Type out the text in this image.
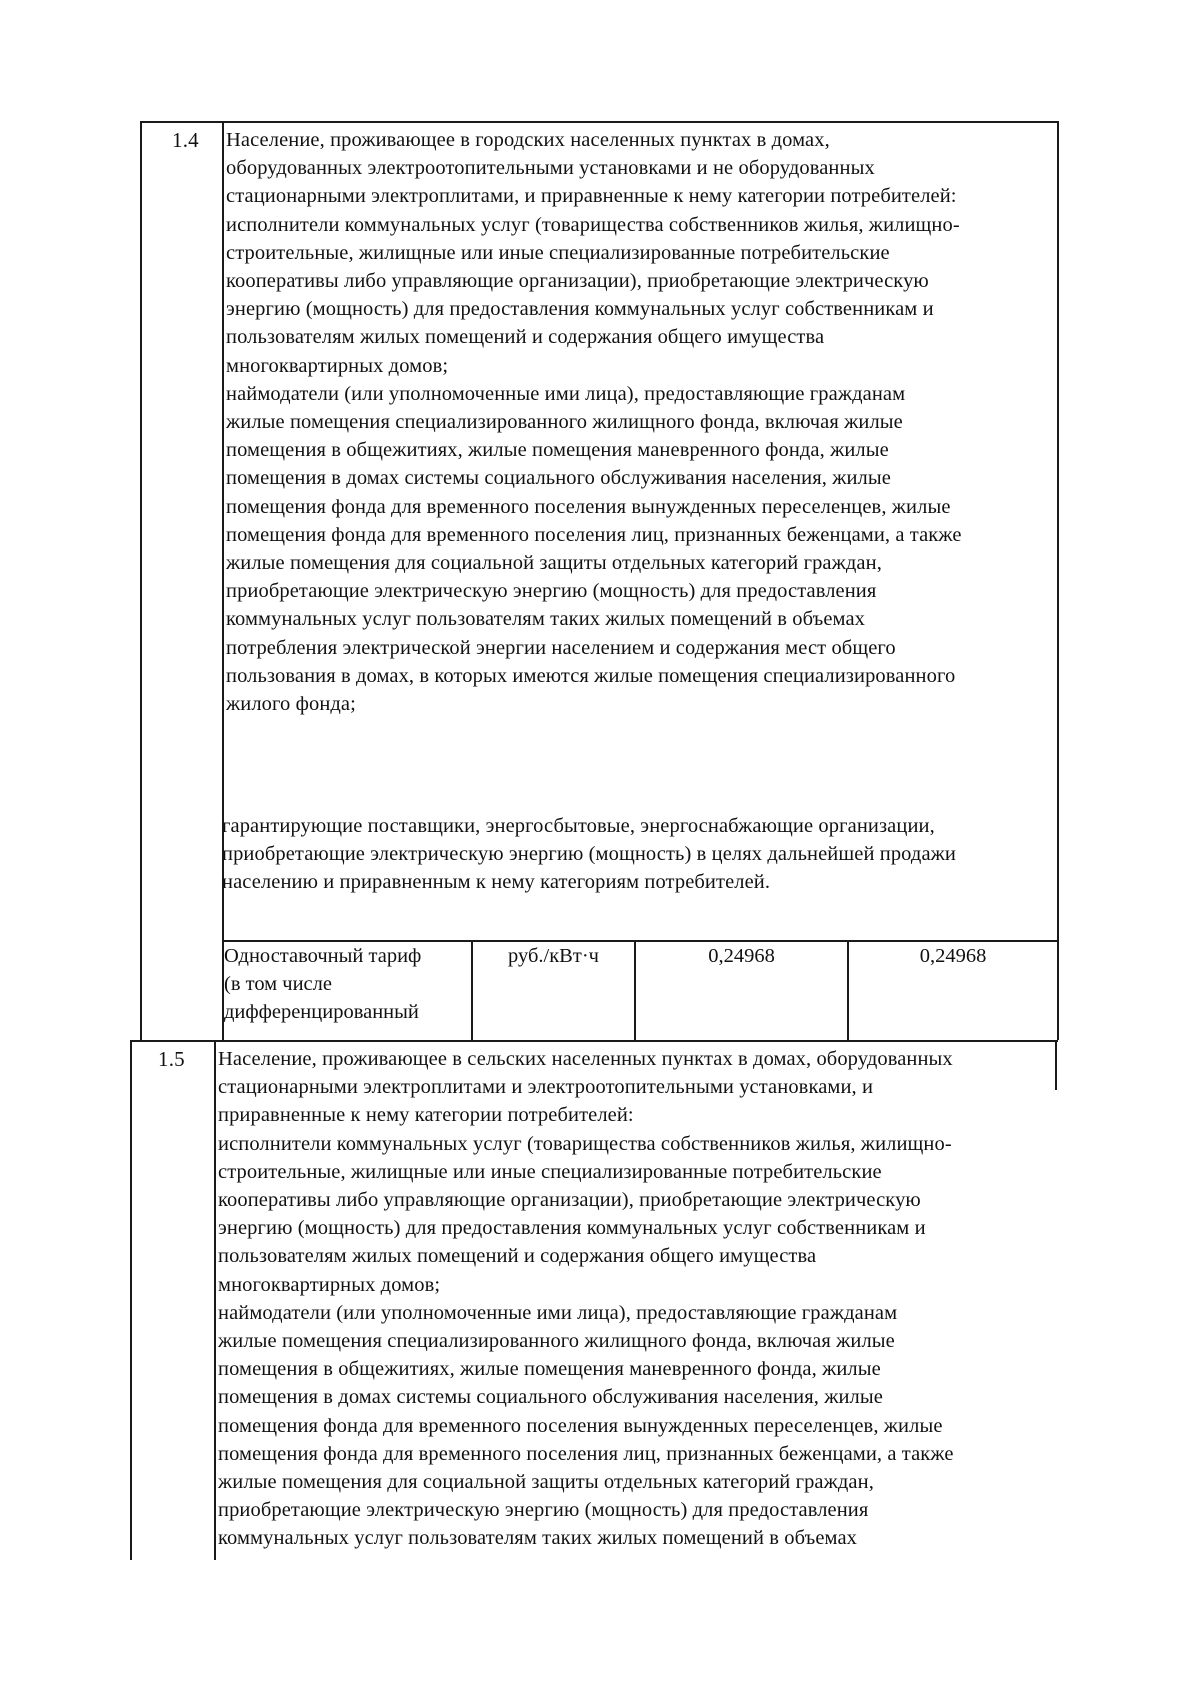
1.4 Население, проживающее в городских населенных пунктах в домах,
оборудованных электроотопительными установками и не оборудованных
стационарными электроплитами, и приравненные к нему категории потребителей:
исполнители коммунальных услуг (товарищества собственников жилья, жилищно-
строительные, жилищные или иные специализированные потребительские
кооперативы либо управляющие организации), приобретающие электрическую
энергию (мощность) для предоставления коммунальных услуг собственникам и
пользователям жилых помещений и содержания общего имущества
многоквартирных домов;
наймодатели (или уполномоченные ими лица), предоставляющие гражданам
жилые помещения специализированного жилищного фонда, включая жилые
помещения в общежитиях, жилые помещения маневренного фонда, жилые
помещения в домах системы социального обслуживания населения, жилые
помещения фонда для временного поселения вынужденных переселенцев, жилые
помещения фонда для временного поселения лиц, признанных беженцами, а также
жилые помещения для социальной защиты отдельных категорий граждан,
приобретающие электрическую энергию (мощность) для предоставления
коммунальных услуг пользователям таких жилых помещений в объемах
потребления электрической энергии населением и содержания мест общего
пользования в домах, в которых имеются жилые помещения специализированного
жилого фонда;
гарантирующие поставщики, энергосбытовые, энергоснабжающие организации,
приобретающие электрическую энергию (мощность) в целях дальнейшей продажи
населению и приравненным к нему категориям потребителей.
Одноставочный тариф
(в том числе
дифференцированный
руб./кВт·ч	0,24968	0,24968
1.5 Население, проживающее в сельских населенных пунктах в домах, оборудованных
стационарными электроплитами и электроотопительными установками, и
приравненные к нему категории потребителей:
исполнители коммунальных услуг (товарищества собственников жилья, жилищно-
строительные, жилищные или иные специализированные потребительские
кооперативы либо управляющие организации), приобретающие электрическую
энергию (мощность) для предоставления коммунальных услуг собственникам и
пользователям жилых помещений и содержания общего имущества
многоквартирных домов;
наймодатели (или уполномоченные ими лица), предоставляющие гражданам
жилые помещения специализированного жилищного фонда, включая жилые
помещения в общежитиях, жилые помещения маневренного фонда, жилые
помещения в домах системы социального обслуживания населения, жилые
помещения фонда для временного поселения вынужденных переселенцев, жилые
помещения фонда для временного поселения лиц, признанных беженцами, а также
жилые помещения для социальной защиты отдельных категорий граждан,
приобретающие электрическую энергию (мощность) для предоставления
коммунальных услуг пользователям таких жилых помещений в объемах
